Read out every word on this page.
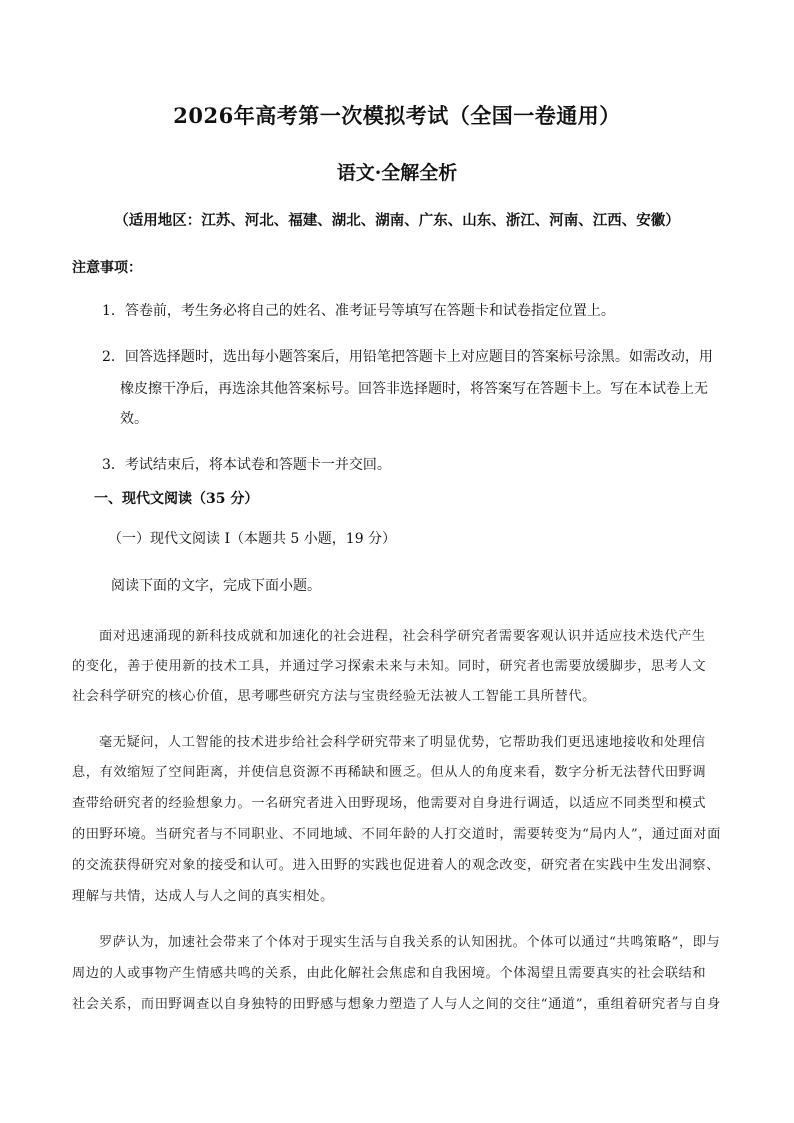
2026年高考第一次模拟考试（全国一卷通用）
语文·全解全析
（适用地区：江苏、河北、福建、湖北、湖南、广东、山东、浙江、河南、江西、安徽）
注意事项：
1．答卷前，考生务必将自己的姓名、准考证号等填写在答题卡和试卷指定位置上。
2．回答选择题时，选出每小题答案后，用铅笔把答题卡上对应题目的答案标号涂黑。如需改动，用
橡皮擦干净后，再选涂其他答案标号。回答非选择题时，将答案写在答题卡上。写在本试卷上无
效。
3．考试结束后，将本试卷和答题卡一并交回。
一、现代文阅读（35 分）
（一）现代文阅读 I（本题共 5 小题，19 分）
阅读下面的文字，完成下面小题。
面对迅速涌现的新科技成就和加速化的社会进程，社会科学研究者需要客观认识并适应技术迭代产生
的变化，善于使用新的技术工具，并通过学习探索未来与未知。同时，研究者也需要放缓脚步，思考人文
社会科学研究的核心价值，思考哪些研究方法与宝贵经验无法被人工智能工具所替代。
毫无疑问，人工智能的技术进步给社会科学研究带来了明显优势，它帮助我们更迅速地接收和处理信
息，有效缩短了空间距离，并使信息资源不再稀缺和匮乏。但从人的角度来看，数字分析无法替代田野调
查带给研究者的经验想象力。一名研究者进入田野现场，他需要对自身进行调适，以适应不同类型和模式
的田野环境。当研究者与不同职业、不同地域、不同年龄的人打交道时，需要转变为“局内人”，通过面对面
的交流获得研究对象的接受和认可。进入田野的实践也促进着人的观念改变，研究者在实践中生发出洞察、
理解与共情，达成人与人之间的真实相处。
罗萨认为，加速社会带来了个体对于现实生活与自我关系的认知困扰。个体可以通过“共鸣策略”，即与
周边的人或事物产生情感共鸣的关系，由此化解社会焦虑和自我困境。个体渴望且需要真实的社会联结和
社会关系，而田野调查以自身独特的田野感与想象力塑造了人与人之间的交往“通道”，重组着研究者与自身
